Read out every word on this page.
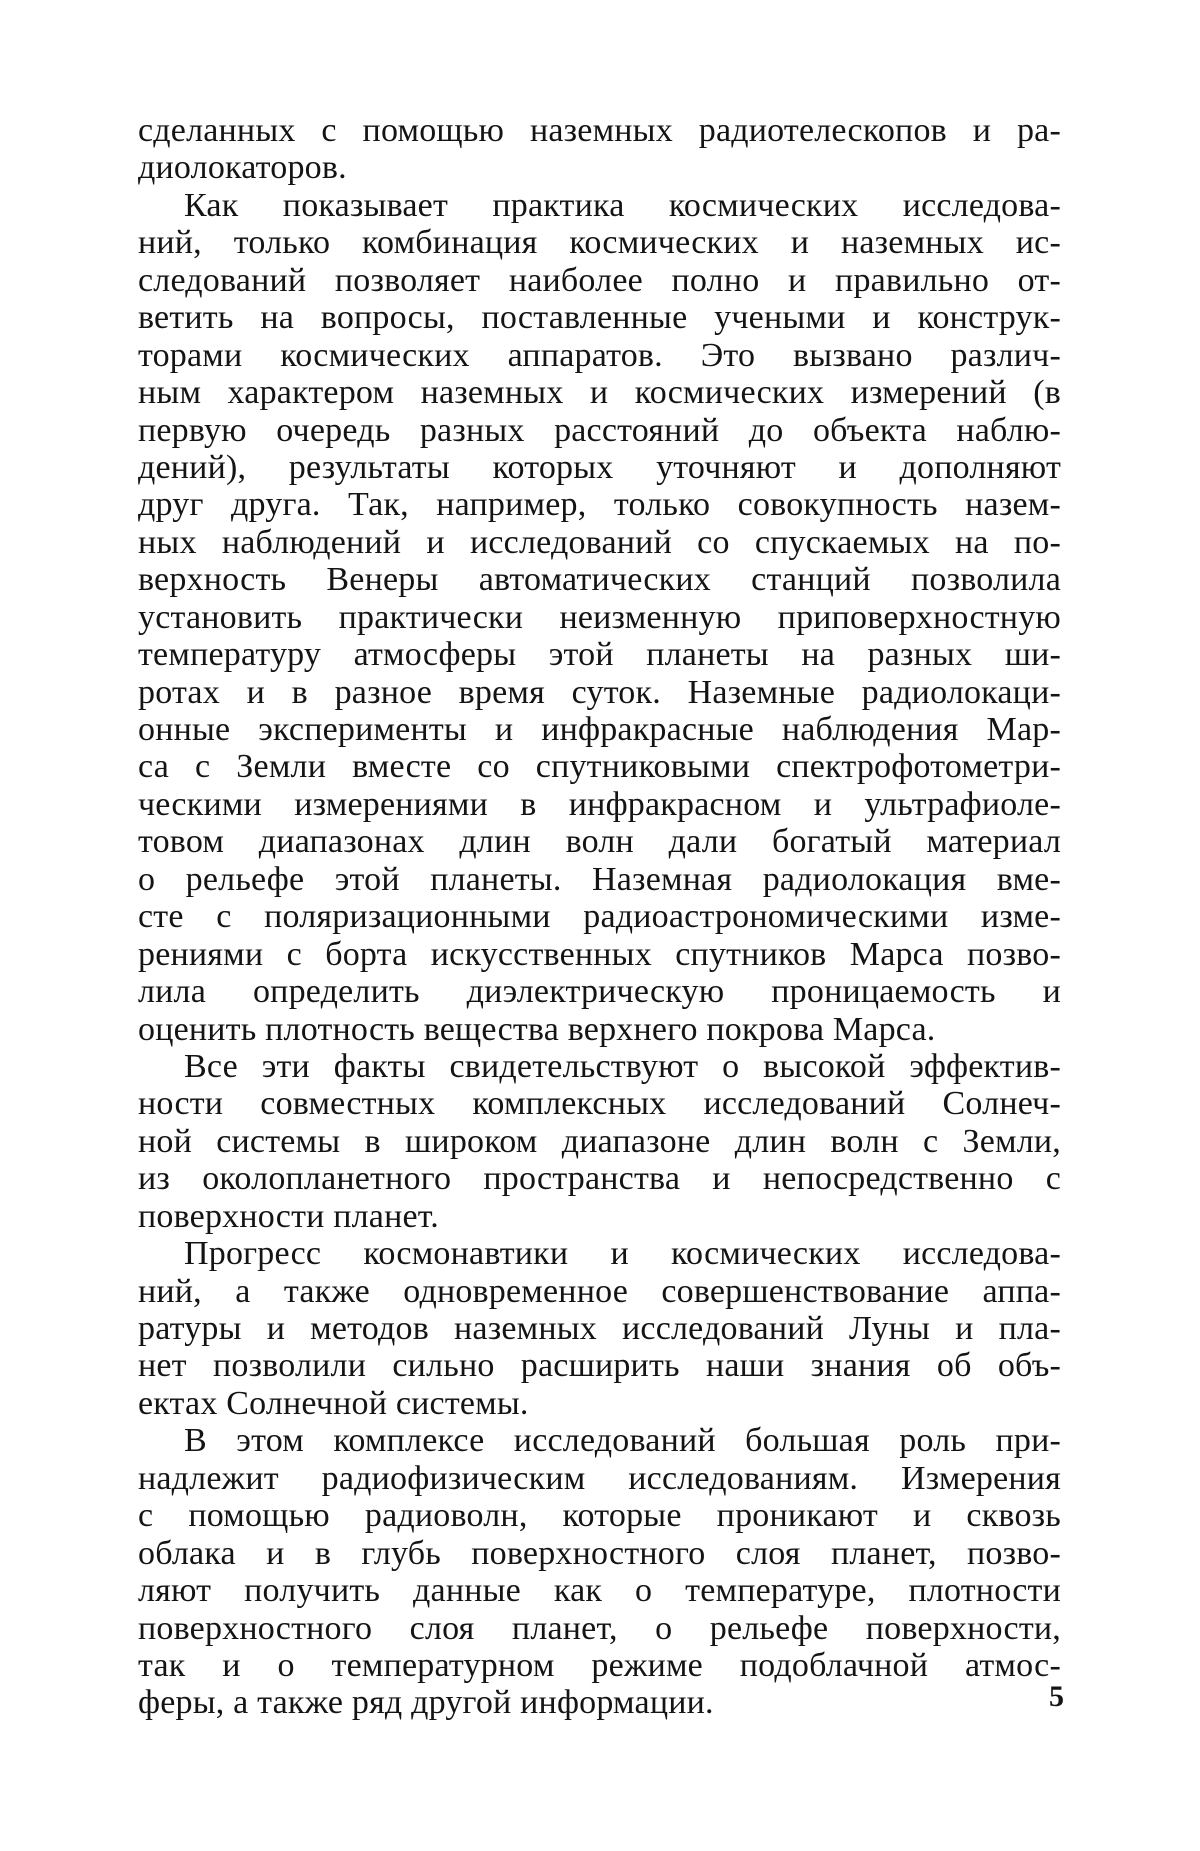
сделанных с помощью наземных радиотелескопов и ра-
диолокаторов.
Как показывает практика космических исследова-
ний, только комбинация космических и наземных ис-
следований позволяет наиболее полно и правильно от-
ветить на вопросы, поставленные учеными и конструк-
торами космических аппаратов. Это вызвано различ-
ным характером наземных и космических измерений (в
первую очередь разных расстояний до объекта наблю-
дений), результаты которых уточняют и дополняют
друг друга. Так, например, только совокупность назем-
ных наблюдений и исследований со спускаемых на по-
верхность Венеры автоматических станций позволила
установить практически неизменную приповерхностную
температуру атмосферы этой планеты на разных ши-
ротах и в разное время суток. Наземные радиолокаци-
онные эксперименты и инфракрасные наблюдения Мар-
са с Земли вместе со спутниковыми спектрофотометри-
ческими измерениями в инфракрасном и ультрафиоле-
товом диапазонах длин волн дали богатый материал
о рельефе этой планеты. Наземная радиолокация вме-
сте с поляризационными радиоастрономическими изме-
рениями с борта искусственных спутников Марса позво-
лила определить диэлектрическую проницаемость и
оценить плотность вещества верхнего покрова Марса.
Все эти факты свидетельствуют о высокой эффектив-
ности совместных комплексных исследований Солнеч-
ной системы в широком диапазоне длин волн с Земли,
из околопланетного пространства и непосредственно с
поверхности планет.
Прогресс космонавтики и космических исследова-
ний, а также одновременное совершенствование аппа-
ратуры и методов наземных исследований Луны и пла-
нет позволили сильно расширить наши знания об объ-
ектах Солнечной системы.
В этом комплексе исследований большая роль при-
надлежит радиофизическим исследованиям. Измерения
с помощью радиоволн, которые проникают и сквозь
облака и в глубь поверхностного слоя планет, позво-
ляют получить данные как о температуре, плотности
поверхностного слоя планет, о рельефе поверхности,
так и о температурном режиме подоблачной атмос-
феры, а также ряд другой информации.	5
